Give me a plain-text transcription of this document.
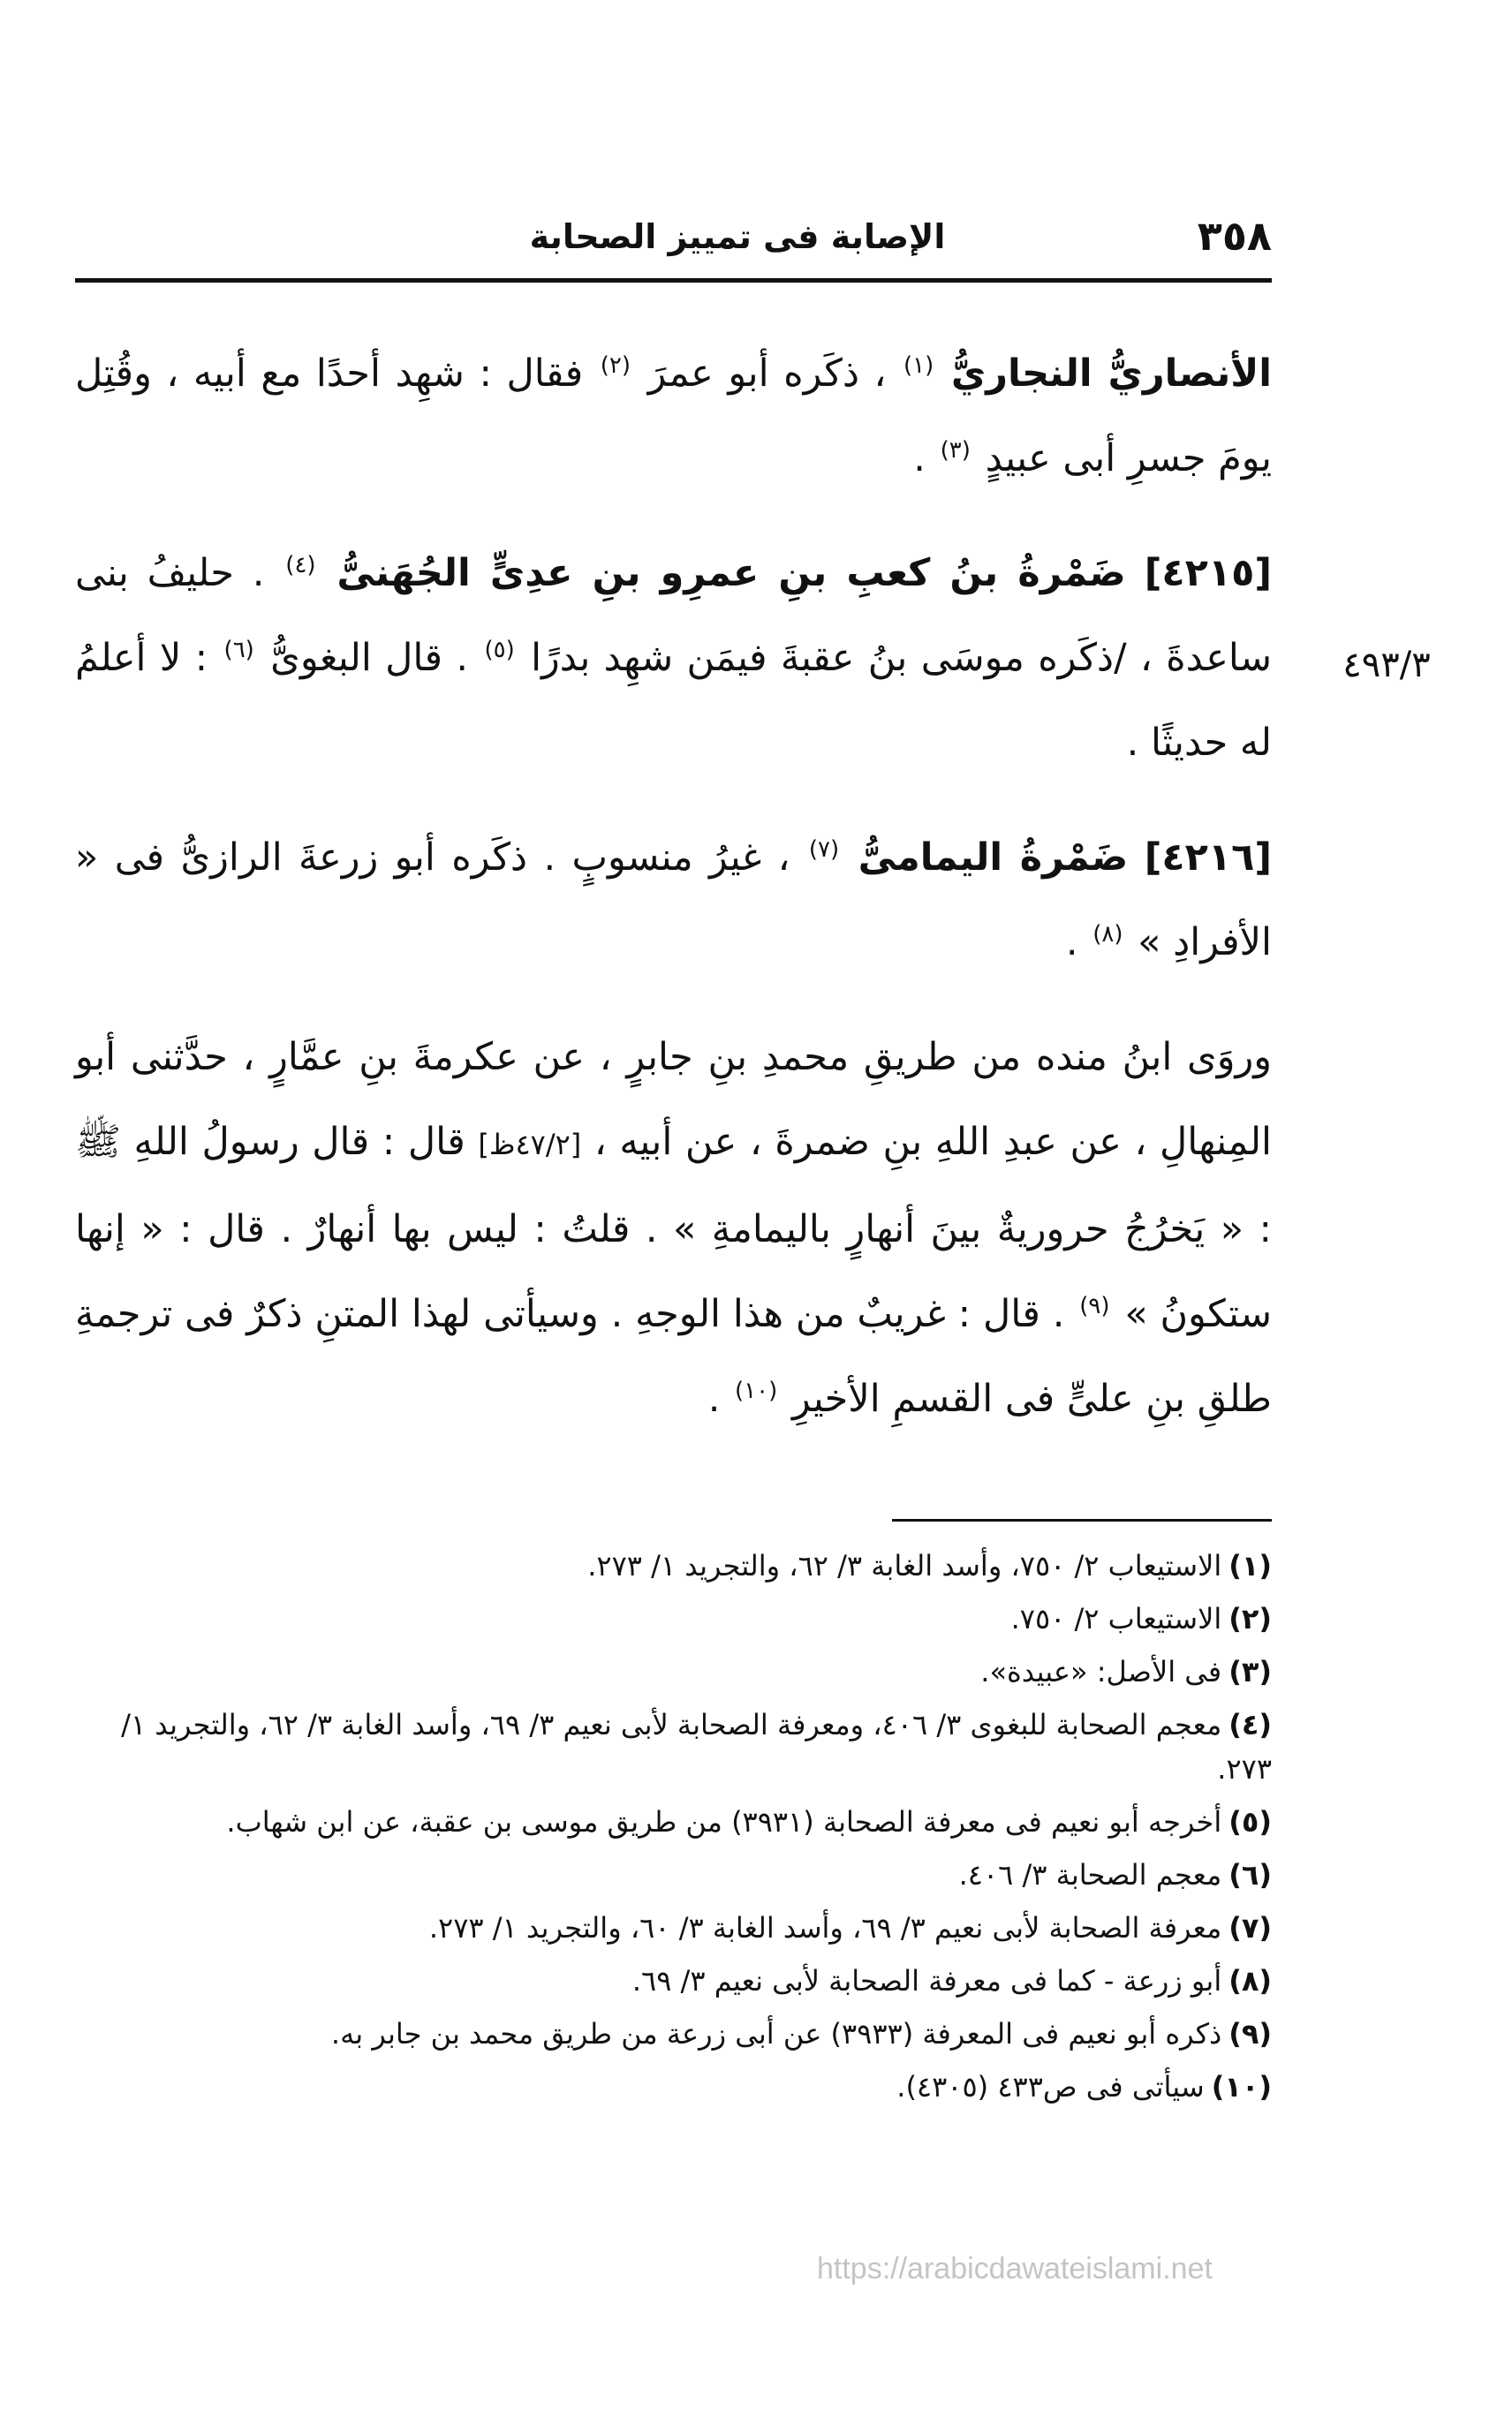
٣٥٨
الإصابة فى تمييز الصحابة

الأنصاريُّ النجاريُّ $^{(١)}$ ، ذكَره أبو عمرَ $^{(٢)}$ فقال : شهِد أحدًا مع أبيه ، وقُتِل يومَ جسرِ أبى عبيدٍ $^{(٣)}$ .

[٤٢١٥] ضَمْرةُ بنُ كعبِ بنِ عمرِو بنِ عدِىٍّ الجُهَنىُّ $^{(٤)}$ . حليفُ بنى ساعدةَ ، /ذكَره موسَى بنُ عقبةَ فيمَن شهِد بدرًا $^{(٥)}$ . قال البغوىُّ $^{(٦)}$ : لا أعلمُ له حديثًا .

[٤٢١٦] ضَمْرةُ اليمامىُّ $^{(٧)}$ ، غيرُ منسوبٍ . ذكَره أبو زرعةَ الرازىُّ فى « الأفرادِ » $^{(٨)}$ .

وروَى ابنُ منده من طريقِ محمدِ بنِ جابرٍ ، عن عكرمةَ بنِ عمَّارٍ ، حدَّثنى أبو المِنهالِ ، عن عبدِ اللهِ بنِ ضمرةَ ، عن أبيه ، [٤٧/٢ظ] قال : قال رسولُ اللهِ ﷺ : « يَخرُجُ حروريةٌ بينَ أنهارٍ باليمامةِ » . قلتُ : ليس بها أنهارٌ . قال : « إنها ستكونُ » $^{(٩)}$ . قال : غريبٌ من هذا الوجهِ . وسيأتى لهذا المتنِ ذكرٌ فى ترجمةِ طلقِ بنِ علىٍّ فى القسمِ الأخيرِ $^{(١٠)}$ .

٤٩٣/٣

(١)الاستيعاب ٢/ ٧٥٠، وأسد الغابة ٣/ ٦٢، والتجريد ١/ ٢٧٣.

(٢)الاستيعاب ٢/ ٧٥٠.

(٣)فى الأصل: «عبيدة».

(٤)معجم الصحابة للبغوى ٣/ ٤٠٦، ومعرفة الصحابة لأبى نعيم ٣/ ٦٩، وأسد الغابة ٣/ ٦٢، والتجريد ١/ ٢٧٣.

(٥)أخرجه أبو نعيم فى معرفة الصحابة (٣٩٣١) من طريق موسى بن عقبة، عن ابن شهاب.

(٦)معجم الصحابة ٣/ ٤٠٦.

(٧)معرفة الصحابة لأبى نعيم ٣/ ٦٩، وأسد الغابة ٣/ ٦٠، والتجريد ١/ ٢٧٣.

(٨)أبو زرعة - كما فى معرفة الصحابة لأبى نعيم ٣/ ٦٩.

(٩)ذكره أبو نعيم فى المعرفة (٣٩٣٣) عن أبى زرعة من طريق محمد بن جابر به.

(١٠)سيأتى فى ص٤٣٣ (٤٣٠٥).

https://arabicdawateislami.net
